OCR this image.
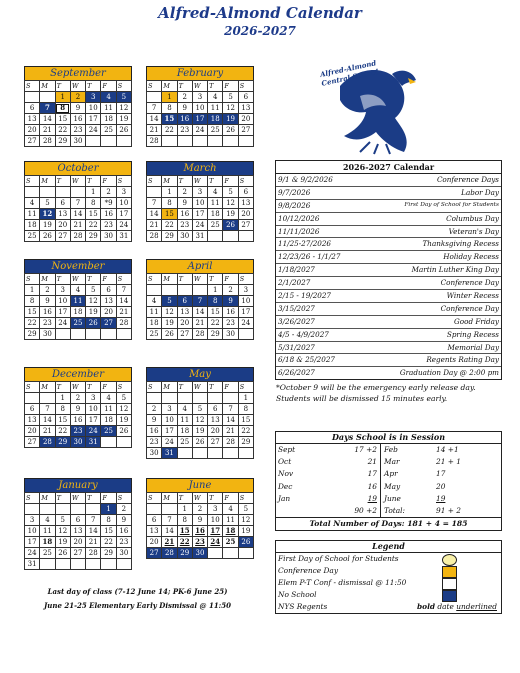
Alfred-Almond Calendar
2026-2027
September
S	M	T	W	T	F	S
		1	2	3	4	5
6	7	8	9	10	11	12
13	14	15	16	17	18	19
20	21	22	23	24	25	26
27	28	29	30			
February
S	M	T	W	T	F	S
	1	2	3	4	5	6
7	8	9	10	11	12	13
14	15	16	17	18	19	20
21	22	23	24	25	26	27
28						
October
S	M	T	W	T	F	S
				1	2	3
4	5	6	7	8	*9	10
11	12	13	14	15	16	17
18	19	20	21	22	23	24
25	26	27	28	29	30	31
March
S	M	T	W	T	F	S
	1	2	3	4	5	6
7	8	9	10	11	12	13
14	15	16	17	18	19	20
21	22	23	24	25	26	27
28	29	30	31			
November
S	M	T	W	T	F	S
1	2	3	4	5	6	7
8	9	10	11	12	13	14
15	16	17	18	19	20	21
22	23	24	25	26	27	28
29	30					
April
S	M	T	W	T	F	S
				1	2	3
4	5	6	7	8	9	10
11	12	13	14	15	16	17
18	19	20	21	22	23	24
25	26	27	28	29	30	
December
S	M	T	W	T	F	S
		1	2	3	4	5
6	7	8	9	10	11	12
13	14	15	16	17	18	19
20	21	22	23	24	25	26
27	28	29	30	31		
May
S	M	T	W	T	F	S
						1
2	3	4	5	6	7	8
9	10	11	12	13	14	15
16	17	18	19	20	21	22
23	24	25	26	27	28	29
30	31					
January
S	M	T	W	T	F	S
					1	2
3	4	5	6	7	8	9
10	11	12	13	14	15	16
17	18	19	20	21	22	23
24	25	26	27	28	29	30
31						
June
S	M	T	W	T	F	S
		1	2	3	4	5
6	7	8	9	10	11	12
13	14	15	16	17	18	19
20	21	22	23	24	25	26
27	28	29	30			
Alfred-Almond Central School
2026-2027 Calendar
9/1 & 9/2/2026	Conference Days
9/7/2026	Labor Day
9/8/2026	First Day of School for Students
10/12/2026	Columbus Day
11/11/2026	Veteran's Day
11/25-27/2026	Thanksgiving Recess
12/23/26 - 1/1/27	Holiday Recess
1/18/2027	Martin Luther King Day
2/1/2027	Conference Day
2/15 - 19/2027	Winter Recess
3/15/2027	Conference Day
3/26/2027	Good Friday
4/5 - 4/9/2027	Spring Recess
5/31/2027	Memorial Day
6/18 & 25/2027	Regents Rating Day
6/26/2027	Graduation Day @ 2:00 pm
*October 9 will be the emergency early release day. Students will be dismissed 15 minutes early.
Days School is in Session
Sept	17 +2 Feb	14 +1
Oct	21 Mar	21 + 1
Nov	17 Apr	17
Dec	16 May	20
Jan	19 June	19
90 +2 Total:	91 + 2
Total Number of Days: 181 + 4 = 185
Legend
First Day of School for Students
Conference Day
Elem P-T Conf - dismissal @ 11:50
No School
NYS Regents	bold date underlined
Last day of class (7-12 June 14; PK-6 June 25)
June 21-25 Elementary Early Dismissal @ 11:50
